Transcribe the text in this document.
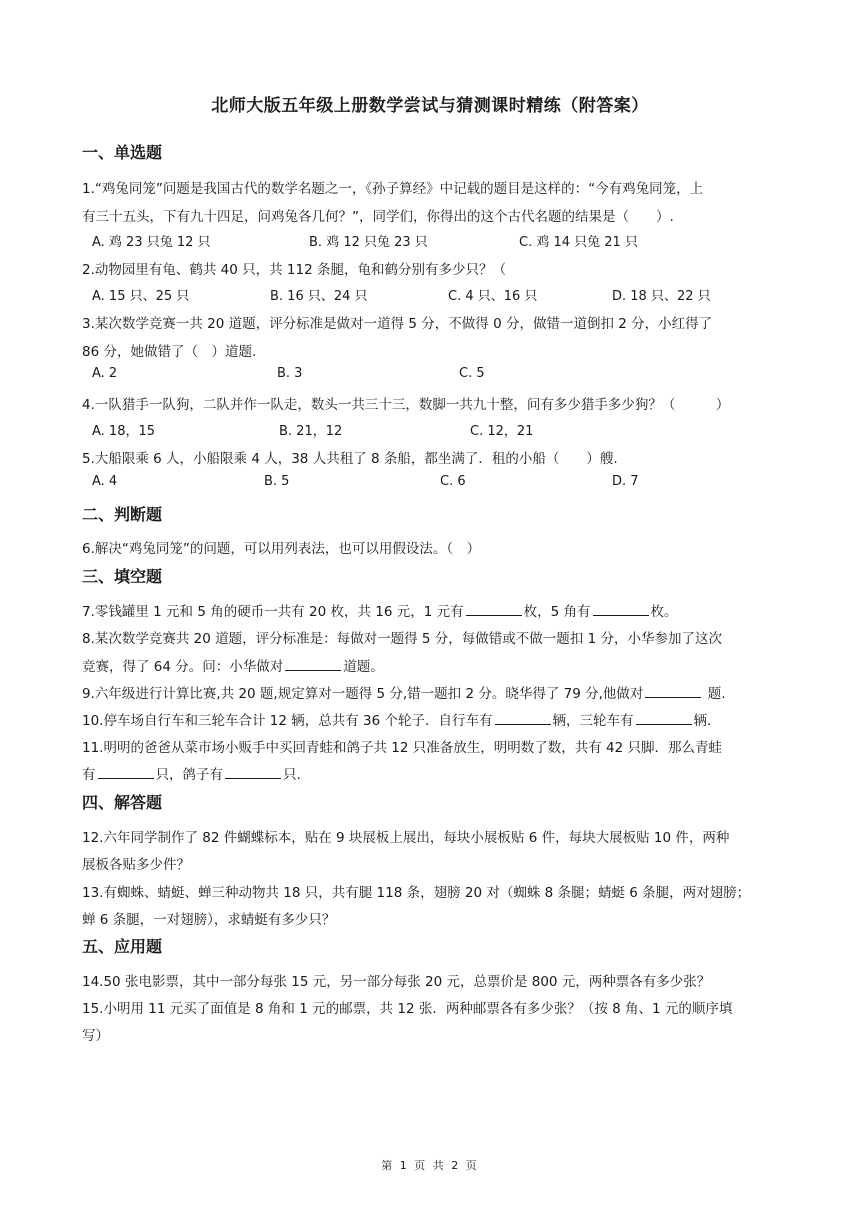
北师大版五年级上册数学尝试与猜测课时精练（附答案）
一、单选题
1.“鸡兔同笼”问题是我国古代的数学名题之一，《孙子算经》中记载的题目是这样的：“今有鸡兔同笼，上
有三十五头，下有九十四足，问鸡兔各几何？”，同学们，你得出的这个古代名题的结果是（　　）.
A. 鸡 23 只兔 12 只	B. 鸡 12 只兔 23 只	C. 鸡 14 只兔 21 只
2.动物园里有龟、鹤共 40 只，共 112 条腿，龟和鹤分别有多少只？（
A. 15 只、25 只	B. 16 只、24 只	C. 4 只、16 只	D. 18 只、22 只
3.某次数学竞赛一共 20 道题，评分标准是做对一道得 5 分，不做得 0 分，做错一道倒扣 2 分，小红得了
86 分，她做错了（　）道题.
A. 2	B. 3	C. 5
4.一队猎手一队狗，二队并作一队走，数头一共三十三，数脚一共九十整，问有多少猎手多少狗？（　　　）
A. 18，15	B. 21，12	C. 12，21
5.大船限乘 6 人，小船限乘 4 人，38 人共租了 8 条船，都坐满了．租的小船（　　）艘.
A. 4	B. 5	C. 6	D. 7
二、判断题
6.解决“鸡兔同笼”的问题，可以用列表法，也可以用假设法。（　）
三、填空题
7.零钱罐里 1 元和 5 角的硬币一共有 20 枚，共 16 元，1 元有	枚，5 角有	枚。
8.某次数学竞赛共 20 道题，评分标准是：每做对一题得 5 分，每做错或不做一题扣 1 分，小华参加了这次
竞赛，得了 64 分。问：小华做对	道题。
9.六年级进行计算比赛,共 20 题,规定算对一题得 5 分,错一题扣 2 分。晓华得了 79 分,他做对	题.
10.停车场自行车和三轮车合计 12 辆，总共有 36 个轮子．自行车有	辆，三轮车有	辆.
11.明明的爸爸从菜市场小贩手中买回青蛙和鸽子共 12 只准备放生，明明数了数，共有 42 只脚．那么青蛙
有	只，鸽子有	只.
四、解答题
12.六年同学制作了 82 件蝴蝶标本，贴在 9 块展板上展出，每块小展板贴 6 件，每块大展板贴 10 件，两种
展板各贴多少件？
13.有蜘蛛、蜻蜓、蝉三种动物共 18 只，共有腿 118 条，翅膀 20 对（蜘蛛 8 条腿；蜻蜓 6 条腿，两对翅膀；
蝉 6 条腿，一对翅膀），求蜻蜓有多少只？
五、应用题
14.50 张电影票，其中一部分每张 15 元，另一部分每张 20 元，总票价是 800 元，两种票各有多少张？
15.小明用 11 元买了面值是 8 角和 1 元的邮票，共 12 张．两种邮票各有多少张？（按 8 角、1 元的顺序填
写）
第 1 页 共 2 页
